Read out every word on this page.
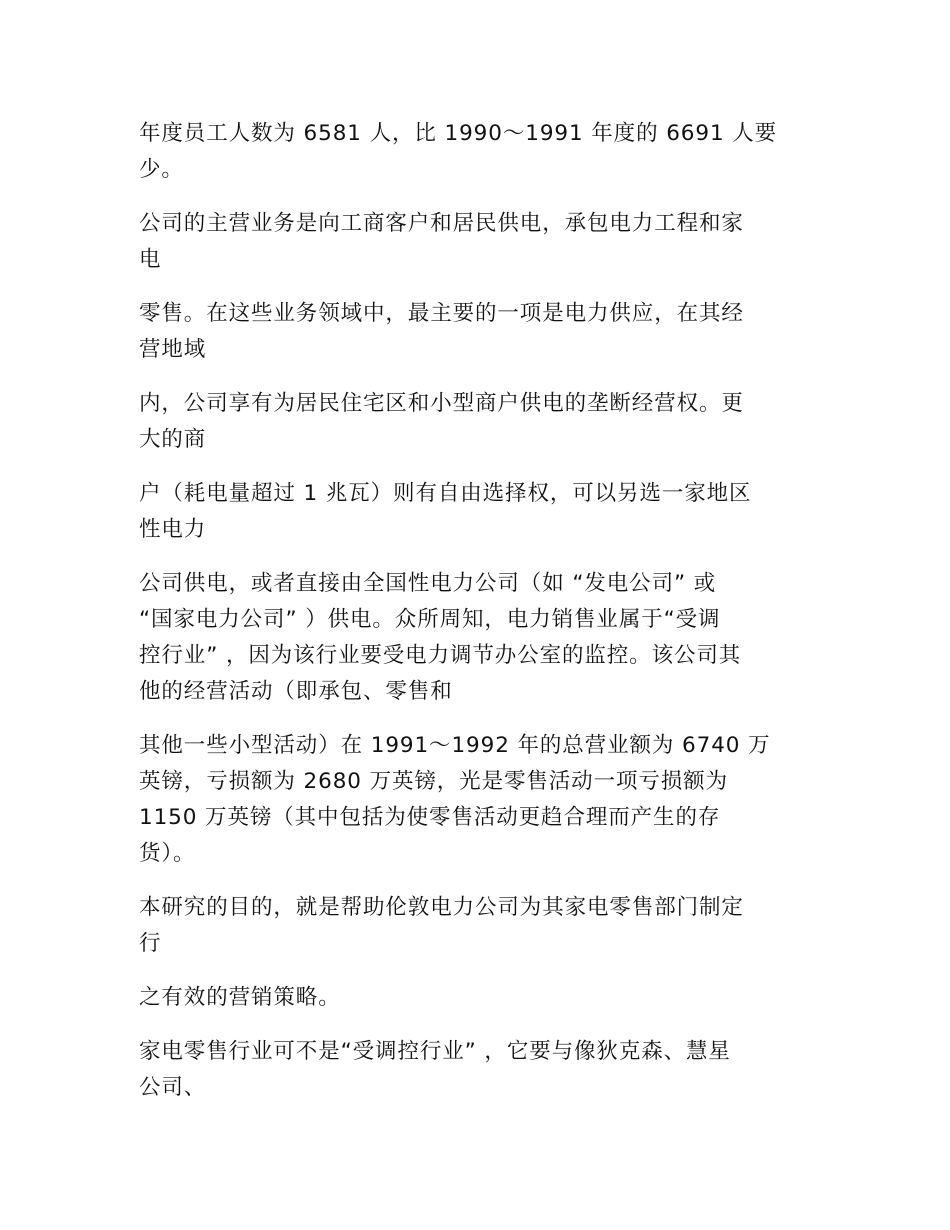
年度员工人数为 6581 人，比 1990～1991 年度的 6691 人要
少。

公司的主营业务是向工商客户和居民供电，承包电力工程和家
电

零售。在这些业务领域中，最主要的一项是电力供应，在其经
营地域

内，公司享有为居民住宅区和小型商户供电的垄断经营权。更
大的商

户（耗电量超过 1 兆瓦）则有自由选择权，可以另选一家地区
性电力

公司供电，或者直接由全国性电力公司（如 “发电公司” 或
“国家电力公司” ）供电。众所周知，电力销售业属于“受调
控行业” ，因为该行业要受电力调节办公室的监控。该公司其
他的经营活动（即承包、零售和

其他一些小型活动）在 1991～1992 年的总营业额为 6740 万
英镑，亏损额为 2680 万英镑，光是零售活动一项亏损额为
1150 万英镑（其中包括为使零售活动更趋合理而产生的存
货）。

本研究的目的，就是帮助伦敦电力公司为其家电零售部门制定
行

之有效的营销策略。

家电零售行业可不是“受调控行业” ，它要与像狄克森、慧星
公司、
